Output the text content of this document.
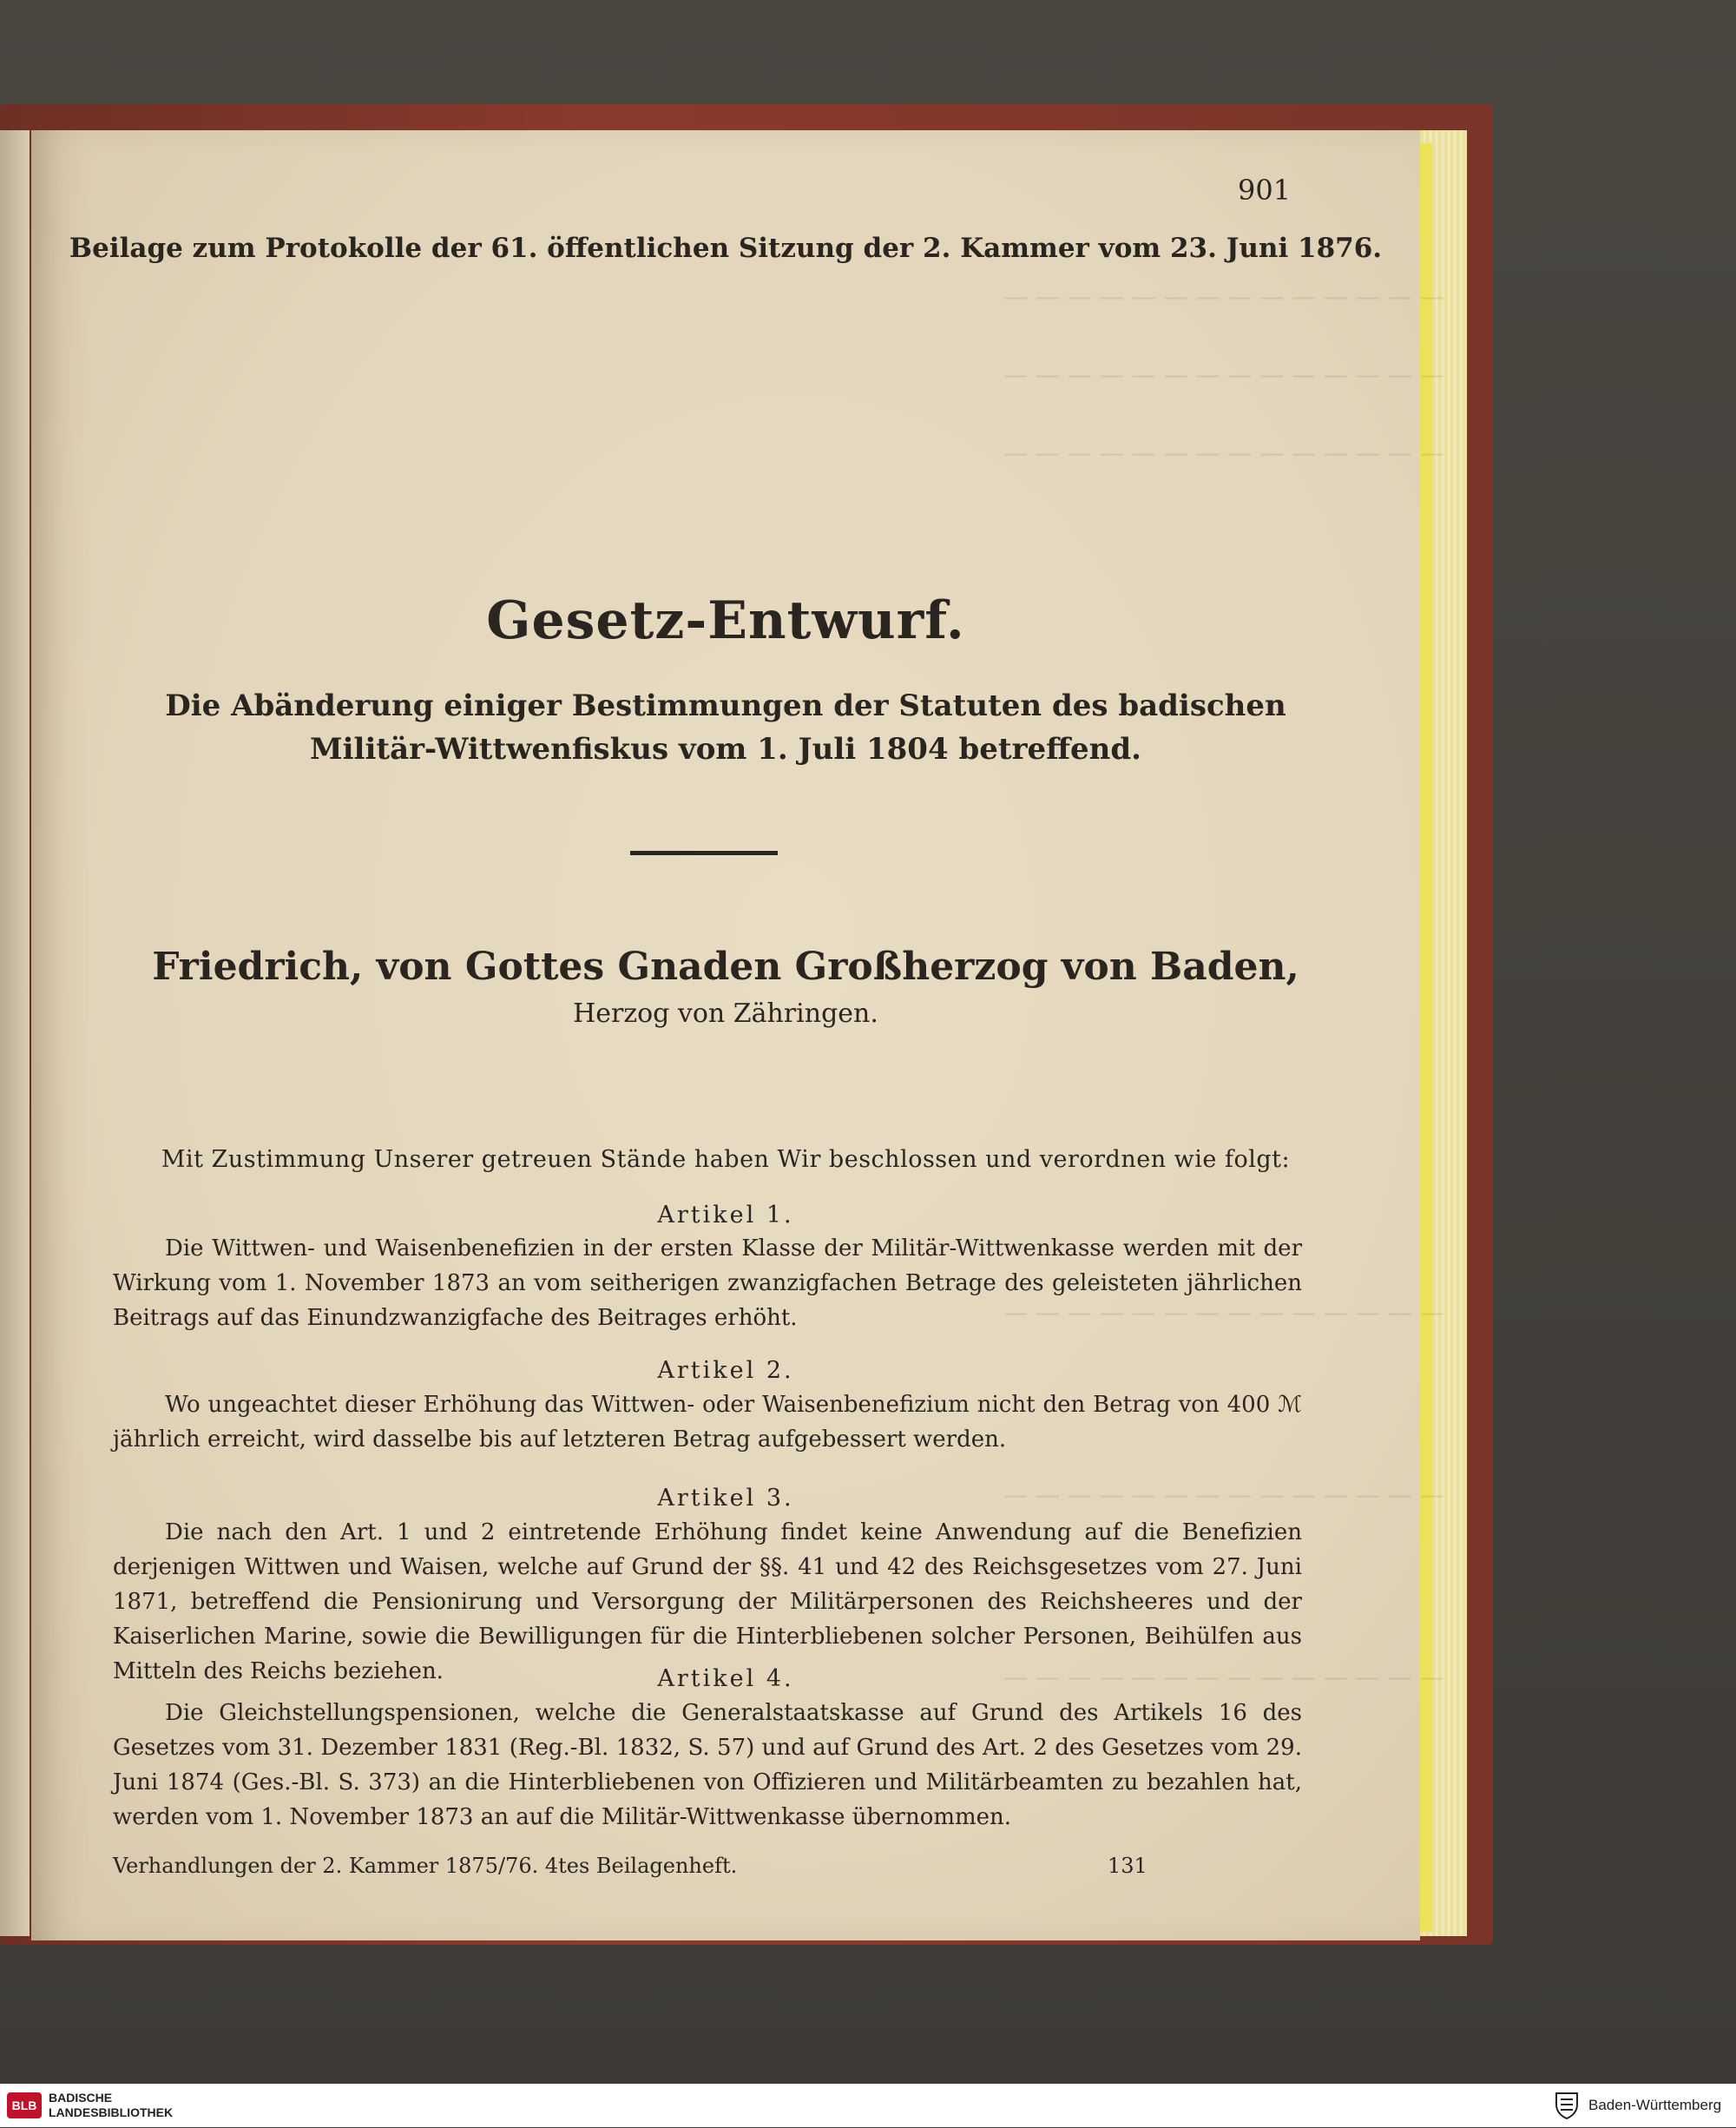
— — — — — — — — — — — — — —
— — — — — — — — — — — — — —
— — — — — — — — — — — — — —
— — — — — — — — — — — — — —
— — — — — — — — — — — — — —
— — — — — — — — — — — — — —
901
Beilage zum Protokolle der 61. öffentlichen Sitzung der 2. Kammer vom 23. Juni 1876.
Gesetz-Entwurf.
Die Abänderung einiger Bestimmungen der Statuten des badischen Militär-Wittwenfiskus vom 1. Juli 1804 betreffend.
Friedrich, von Gottes Gnaden Großherzog von Baden,
Herzog von Zähringen.
Mit Zustimmung Unserer getreuen Stände haben Wir beschlossen und verordnen wie folgt:
Artikel 1.
Die Wittwen- und Waisenbenefizien in der ersten Klasse der Militär-Wittwenkasse werden mit der Wirkung vom 1. November 1873 an vom seitherigen zwanzigfachen Betrage des geleisteten jährlichen Beitrags auf das Einundzwanzigfache des Beitrages erhöht.
Artikel 2.
Wo ungeachtet dieser Erhöhung das Wittwen- oder Waisenbenefizium nicht den Betrag von 400 ℳ jährlich erreicht, wird dasselbe bis auf letzteren Betrag aufgebessert werden.
Artikel 3.
Die nach den Art. 1 und 2 eintretende Erhöhung findet keine Anwendung auf die Benefizien derjenigen Wittwen und Waisen, welche auf Grund der §§. 41 und 42 des Reichsgesetzes vom 27. Juni 1871, betreffend die Pensionirung und Versorgung der Militärpersonen des Reichsheeres und der Kaiserlichen Marine, sowie die Bewilligungen für die Hinterbliebenen solcher Personen, Beihülfen aus Mitteln des Reichs beziehen.	Artikel 4.
Die Gleichstellungspensionen, welche die Generalstaatskasse auf Grund des Artikels 16 des Gesetzes vom 31. Dezember 1831 (Reg.-Bl. 1832, S. 57) und auf Grund des Art. 2 des Gesetzes vom 29. Juni 1874 (Ges.-Bl. S. 373) an die Hinterbliebenen von Offizieren und Militärbeamten zu bezahlen hat, werden vom 1. November 1873 an auf die Militär-Wittwenkasse übernommen.
Verhandlungen der 2. Kammer 1875/76. 4tes Beilagenheft.	131
BLB
BADISCHE
LANDESBIBLIOTHEK	Baden-Württemberg
